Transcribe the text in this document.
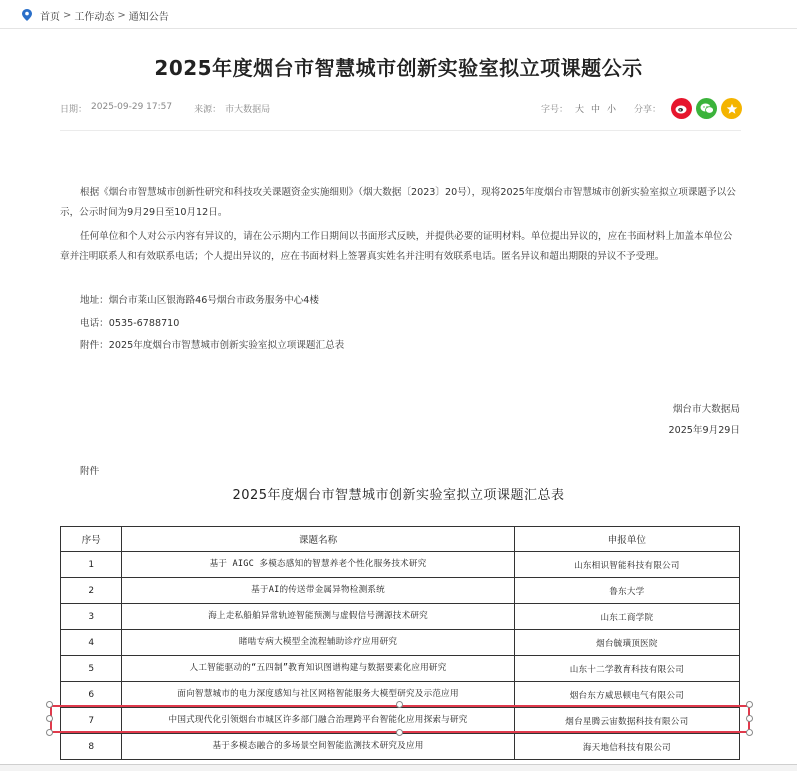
首页 > 工作动态 > 通知公告
2025年度烟台市智慧城市创新实验室拟立项课题公示
日期： 2025-09-29 17:57 来源： 市大数据局	字号： 大 中 小 分享：
根据《烟台市智慧城市创新性研究和科技攻关课题资金实施细则》（烟大数据〔2023〕20号），现将2025年度烟台市智慧城市创新实验室拟立项课题予以公示，公示时间为9月29日至10月12日。
任何单位和个人对公示内容有异议的，请在公示期内工作日期间以书面形式反映，并提供必要的证明材料。单位提出异议的，应在书面材料上加盖本单位公章并注明联系人和有效联系电话；个人提出异议的，应在书面材料上签署真实姓名并注明有效联系电话。匿名异议和超出期限的异议不予受理。
地址：烟台市莱山区银海路46号烟台市政务服务中心4楼
电话：0535-6788710
附件：2025年度烟台市智慧城市创新实验室拟立项课题汇总表
烟台市大数据局
2025年9月29日
附件
2025年度烟台市智慧城市创新实验室拟立项课题汇总表
序号	课题名称	申报单位
1	基于 AIGC 多模态感知的智慧养老个性化服务技术研究	山东相识智能科技有限公司
2	基于AI的传送带金属异物检测系统	鲁东大学
3	海上走私船舶异常轨迹智能预测与虚假信号溯源技术研究	山东工商学院
4	睹啮专病大模型全流程辅助诊疗应用研究	烟台毓璜顶医院
5	人工智能驱动的“五四制”教育知识图谱构建与数据要素化应用研究	山东十二学教育科技有限公司
6	面向智慧城市的电力深度感知与社区网格智能服务大模型研究及示范应用	烟台东方威思顿电气有限公司
7	中国式现代化引领烟台市城区许多部门融合治理跨平台智能化应用探索与研究	烟台星腾云宙数据科技有限公司
8	基于多模态融合的多场景空间智能监测技术研究及应用	海天地信科技有限公司
